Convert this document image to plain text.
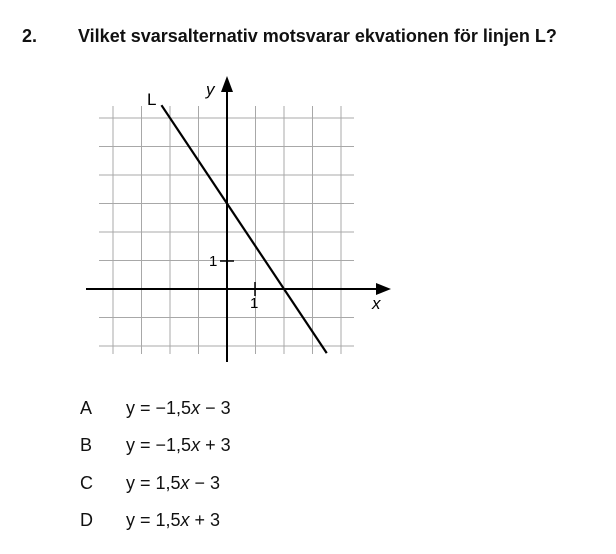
2. Vilket svarsalternativ motsvarar ekvationen för linjen L?
L
y
x
1
1
A y = −1,5x − 3
B y = −1,5x + 3
C y = 1,5x − 3
D y = 1,5x + 3
